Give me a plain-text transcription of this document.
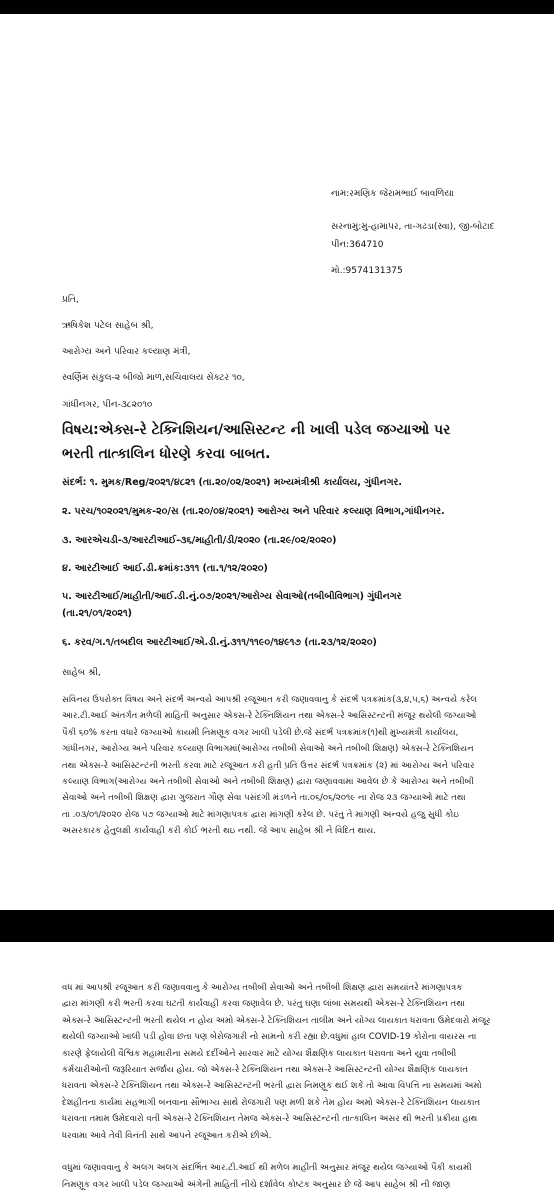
નામ:રમણિક જેરામભાઈ બાવળિયા
સરનામુ:મુ-હામાપર, તા-ગઢડા(સ્વા), જી-બોટાદ
પીન:364710
મો.:9574131375
પ્રતિ,
ઋષિકેશ પટેલ સાહેબ શ્રી,
આરોગ્ય અને પરિવાર કલ્યાણ મંત્રી,
સ્વર્ણિમ સંકુલ-૨ બીજો માળ,સચિવાલય સેક્ટર ૧૦,
ગાંધીનગર, પીન-૩૮૨૦૧૦
વિષય:એક્સ-રે ટેક્નિશિયન/આસિસ્ટન્ટ ની ખાલી પડેલ જગ્યાઓ પર
ભરતી તાત્કાલિન ધોરણે કરવા બાબત.
સંદર્ભ: ૧. મુમક/Reg/૨૦૨૧/૪૮૨૧ (તા.૨૦/૦૨/૨૦૨૧) મખ્યમંત્રીશ્રી કાર્યાલય, ગુંધીનગર.
૨. પરચ/૧૦૨૦૨૧/મુમક-૨૦/સ (તા.૨૦/૦૪/૨૦૨૧) આરોગ્ય અને પરિવાર કલ્યાણ વિભાગ,ગાંધીનગર.
૩. આરએચડી-૩/આરટીઆઈ-૩૬/માહીતી/ડી/૨૦૨૦ (તા.૨૯/૦૨/૨૦૨૦)
૪. આરટીઆઈ આઈ.ડી.ક્રમાંક:૩૧૧ (તા.૧/૧૨/૨૦૨૦)
૫. આરટીઆઈ/માહીતી/આઈ.ડી.નું.૦૭/૨૦૨૧/આરોગ્ય સેવાઓ(તબીબીવિભાગ) ગુંધીનગર
(તા.૨૧/૦૧/૨૦૨૧)
૬. કરવ/ગ.૧/તબદીલ આરટીઆઈ/એ.ડી.નું.૩૧૧/૧૧૯૦/૧૪૯૧૭ (તા.૨૩/૧૨/૨૦૨૦)
સાહેબ શ્રી,
સવિનય ઉપરોક્ત વિષય અને સંદર્ભ અન્વયે આપશ્રી રજૂઆત કરી જણાવવાનુ કે સંદર્ભ પત્રક્રમાંક(૩,૪,૫,૬) અન્વયે કરેલ
આર.ટી.આઈ અંતર્ગત મળેલી માહિતી અનુસાર એક્સ-રે ટેક્નિશિયન તથા એક્સ-રે આસિસ્ટન્ટની મંજૂર થયેલી જગ્યાઓ
પૈકી ૬૦% કરતા વધારે જગ્યાઓ કાયમી નિમણૂક વગર ખાલી પડેલી છે.જે સંદર્ભ પત્રક્રમાંક(૧)થી મુખ્યમંત્રી કાર્યાલય,
ગાંધીનગર, આરોગ્ય અને પરિવાર કલ્યાણ વિભાગમાં(આરોગ્ય તબીબી સેવાઓ અને તબીબી શિક્ષણ) એક્સ-રે ટેક્નિશિયન
તથા એક્સ-રે આસિસ્ટન્ટની ભરતી કરવા માટે રજૂઆત કરી હતી પ્રતિ ઉત્તર સંદર્ભ પત્રક્રમાંક (૨) માં આરોગ્ય અને પરિવાર
કલ્યાણ વિભાગ(આરોગ્ય અને તબીબી સેવાઓ અને તબીબી શિક્ષણ) દ્વારા જણાવવામાં આવેલ છે કે આરોગ્ય અને તબીબી
સેવાઓ અને તબીબી શિક્ષણ દ્વારા ગુજરાત ગૌણ સેવા પસંદગી મંડળને તા.૦૬/૦૬/૨૦૧૯ ના રોજ ૨૩ જગ્યાઓ માટે તથા
તા .૦૩/૦૧/૨૦૨૦ રોજ ૫૭ જગ્યાઓ માટે માંગણાપત્રક દ્વારા માંગણી કરેલ છે. પરંતુ તે માંગણી અન્વયે હજુ સુધી કોઇ
અસરકારક હેતુલક્ષી કાર્યવાહી કરી કોઈ ભરતી થઇ નથી. જે આપ સાહેબ શ્રી ને વિદિત થાય.
વધ માં આપશ્રી રજૂઆત કરી જણાવવાનુ કે આરોગ્ય તબીબી સેવાઓ અને તબીબી શિક્ષણ દ્વારા સમયાંતરે માંગણાપત્રક
દ્વારા માંગણી કરી ભરતી કરવા ઘટતી કાર્યવાહી કરવા જણાવેલ છે. પરંતુ ઘણા લાંબા સમયથી એક્સ-રે ટેક્નિશિયન તથા
એક્સ-રે આસિસ્ટન્ટની ભરતી થયેલ ન હોય અમો એક્સ-રે ટેક્નિશિયન તાલીમ અને યોગ્ય લાયકાત ધરાવતા ઉમેદવારો મંજૂર
થયેલી જગ્યાઓ ખાલી પડી હોવા છતા પણ બેરોજગારી નો સામનો કરી રહ્યા છે.વધુમાં હાલ COVID-19 કોરોના વાયરસ ના
કારણે ફેલાયેલી વૈશ્વિક મહામારીના સમયે દર્દીઓને સારવાર માટે યોગ્ય શૈક્ષણિક લાયકાત ધરાવતા અને યુવા તબીબી
કર્મચારીઓની જરૂરિયાત સર્જાય હોય. જો એક્સ-રે ટેક્નિશિયન તથા એક્સ-રે આસિસ્ટન્ટની યોગ્ય શૈક્ષણિક લાયકાત
ધરાવતા એક્સ-રે ટેક્નિશિયન તથા એક્સ-રે આસિસ્ટન્ટની ભરતી દ્વારા નિમણૂક થઈ શકે તો આવા વિપત્તિ ના સમયમાં અમો
દેશહીતના કાર્યમાં સહભાગી બનવાના સૌભાગ્ય સાથે રોજગારી પણ મળી શકે તેમ હોય અમો એક્સ-રે ટેક્નિશિયન લાયકાત
ધરાવતા તમામ ઉમેદવારો વતી એક્સ-રે ટેક્નિશિયન તેમજ એક્સ-રે આસિસ્ટન્ટની તાત્કાલિન અસર થી ભરતી પ્રક્રીયા હાથ
ધરવામા આવે તેવી વિનંતી સાથે આપને રજૂઆત કરીએ છીએ.
વધુમાં જણાવવાનુ કે અલગ અલગ સંદર્ભિત આર.ટી.આઈ થી મળેલ માહીતી અનુસાર મંજૂર થયેલ જગ્યાઓ પૈકી કાયમી
નિમણૂક વગર ખાલી પડેલ જગ્યાઓ અંગેની માહિતી નીચે દર્શાવેલ કોષ્ટક અનુસાર છે જે આપ સાહેબ શ્રી ની જાણ
